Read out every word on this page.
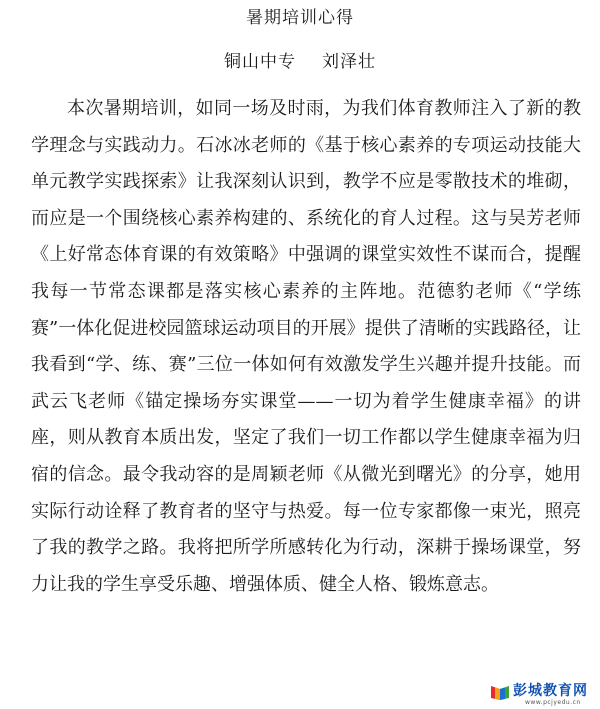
暑期培训心得
铜山中专 刘泽壮

本次暑期培训，如同一场及时雨，为我们体育教师注入了新的教学理念与实践动力。石冰冰老师的《基于核心素养的专项运动技能大单元教学实践探索》让我深刻认识到，教学不应是零散技术的堆砌，而应是一个围绕核心素养构建的、系统化的育人过程。这与吴芳老师《上好常态体育课的有效策略》中强调的课堂实效性不谋而合，提醒我每一节常态课都是落实核心素养的主阵地。范德豹老师《“学练赛”一体化促进校园篮球运动项目的开展》提供了清晰的实践路径，让我看到“学、练、赛”三位一体如何有效激发学生兴趣并提升技能。而武云飞老师《锚定操场夯实课堂——一切为着学生健康幸福》的讲座，则从教育本质出发，坚定了我们一切工作都以学生健康幸福为归宿的信念。最令我动容的是周颖老师《从微光到曙光》的分享，她用实际行动诠释了教育者的坚守与热爱。每一位专家都像一束光，照亮了我的教学之路。我将把所学所感转化为行动，深耕于操场课堂，努力让我的学生享受乐趣、增强体质、健全人格、锻炼意志。

彭城教育网
www.pcjyedu.cn
